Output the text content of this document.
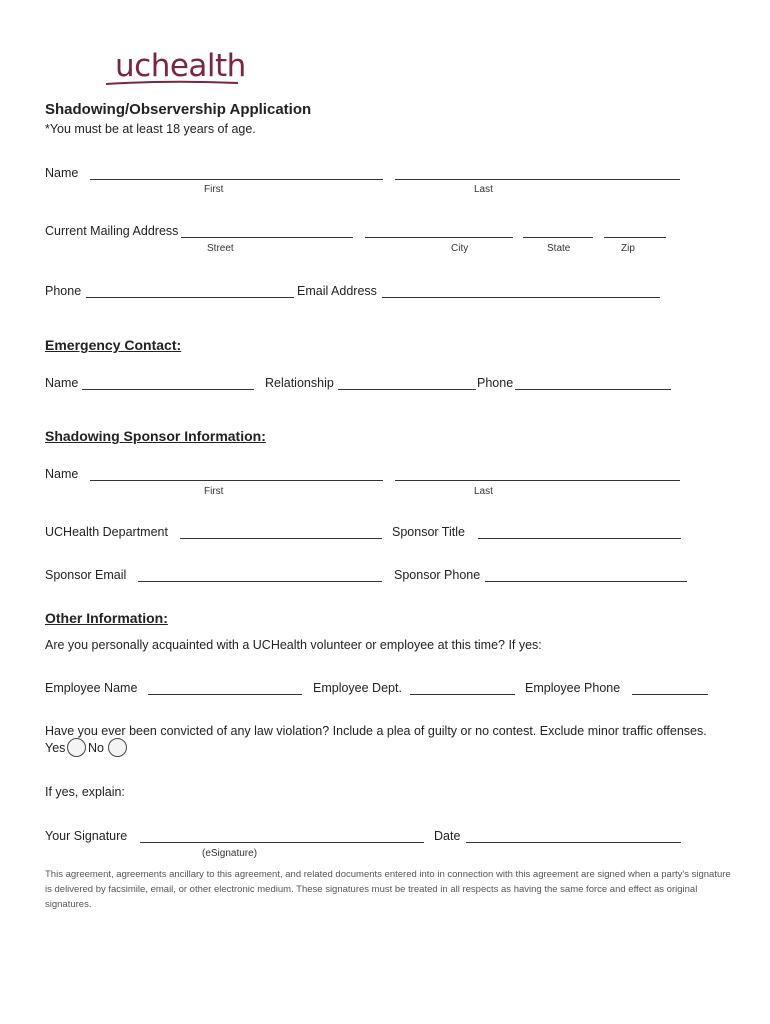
uchealth
Shadowing/Observership Application
*You must be at least 18 years of age.
Name
First	Last
Current Mailing Address
Street	City	State	Zip
Phone	Email Address
Emergency Contact:
Name	Relationship	Phone
Shadowing Sponsor Information:
Name
First	Last
UCHealth Department	Sponsor Title
Sponsor Email	Sponsor Phone
Other Information:
Are you personally acquainted with a UCHealth volunteer or employee at this time? If yes:
Employee Name	Employee Dept.	Employee Phone
Have you ever been convicted of any law violation? Include a plea of guilty or no contest. Exclude minor traffic offenses.
Yes No
If yes, explain:
Your Signature
(eSignature)
Date
This agreement, agreements ancillary to this agreement, and related documents entered into in connection with this agreement are signed when a party's signature is delivered by facsimile, email, or other electronic medium. These signatures must be treated in all respects as having the same force and effect as original signatures.
